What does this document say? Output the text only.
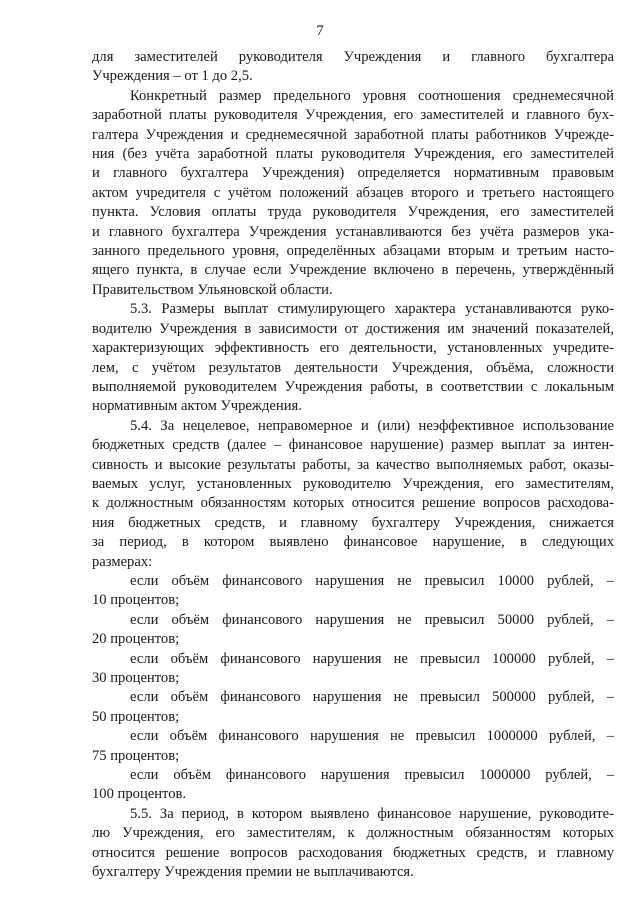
7
для заместителей руководителя Учреждения и главного бухгалтера
Учреждения – от 1 до 2,5.
Конкретный размер предельного уровня соотношения среднемесячной
заработной платы руководителя Учреждения, его заместителей и главного бух-
галтера Учреждения и среднемесячной заработной платы работников Учрежде-
ния (без учёта заработной платы руководителя Учреждения, его заместителей
и главного бухгалтера Учреждения) определяется нормативным правовым
актом учредителя с учётом положений абзацев второго и третьего настоящего
пункта. Условия оплаты труда руководителя Учреждения, его заместителей
и главного бухгалтера Учреждения устанавливаются без учёта размеров ука-
занного предельного уровня, определённых абзацами вторым и третьим насто-
ящего пункта, в случае если Учреждение включено в перечень, утверждённый
Правительством Ульяновской области.
5.3. Размеры выплат стимулирующего характера устанавливаются руко-
водителю Учреждения в зависимости от достижения им значений показателей,
характеризующих эффективность его деятельности, установленных учредите-
лем, с учётом результатов деятельности Учреждения, объёма, сложности
выполняемой руководителем Учреждения работы, в соответствии с локальным
нормативным актом Учреждения.
5.4. За нецелевое, неправомерное и (или) неэффективное использование
бюджетных средств (далее – финансовое нарушение) размер выплат за интен-
сивность и высокие результаты работы, за качество выполняемых работ, оказы-
ваемых услуг, установленных руководителю Учреждения, его заместителям,
к должностным обязанностям которых относится решение вопросов расходова-
ния бюджетных средств, и главному бухгалтеру Учреждения, снижается
за период, в котором выявлено финансовое нарушение, в следующих
размерах:
если объём финансового нарушения не превысил 10000 рублей, –
10 процентов;
если объём финансового нарушения не превысил 50000 рублей, –
20 процентов;
если объём финансового нарушения не превысил 100000 рублей, –
30 процентов;
если объём финансового нарушения не превысил 500000 рублей, –
50 процентов;
если объём финансового нарушения не превысил 1000000 рублей, –
75 процентов;
если объём финансового нарушения превысил 1000000 рублей, –
100 процентов.
5.5. За период, в котором выявлено финансовое нарушение, руководите-
лю Учреждения, его заместителям, к должностным обязанностям которых
относится решение вопросов расходования бюджетных средств, и главному
бухгалтеру Учреждения премии не выплачиваются.
